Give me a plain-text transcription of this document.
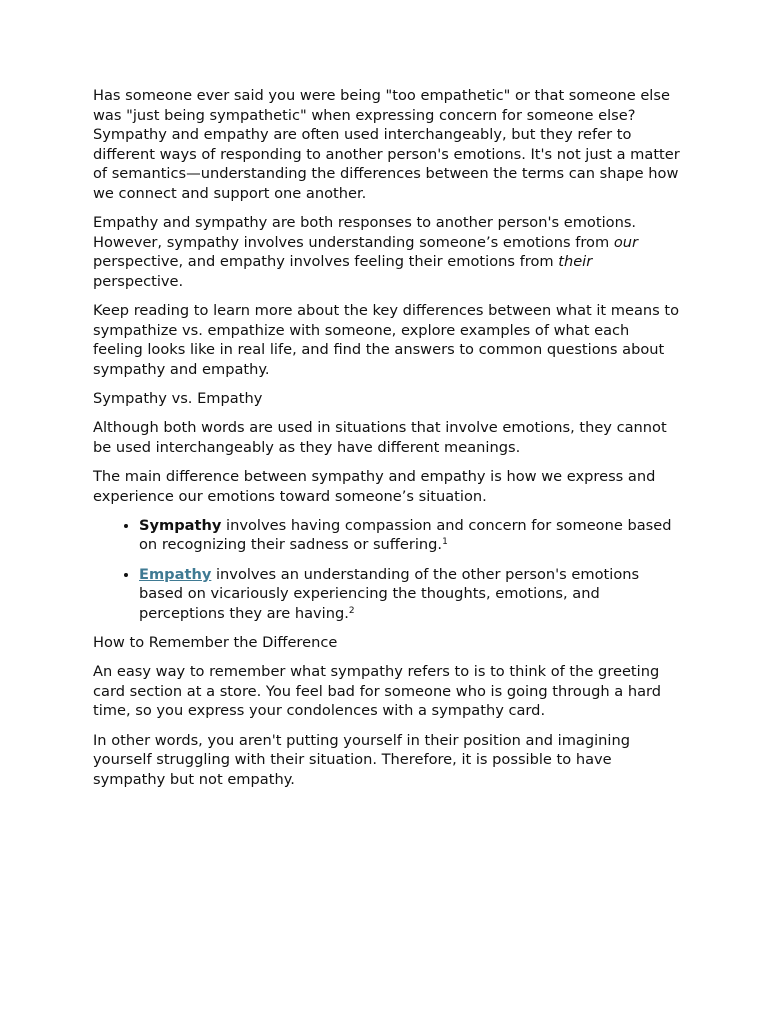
Has someone ever said you were being "too empathetic" or that someone else was "just being sympathetic" when expressing concern for someone else? Sympathy and empathy are often used interchangeably, but they refer to different ways of responding to another person's emotions. It's not just a matter of semantics—understanding the differences between the terms can shape how we connect and support one another.

Empathy and sympathy are both responses to another person's emotions. However, sympathy involves understanding someone’s emotions from our perspective, and empathy involves feeling their emotions from their perspective.

Keep reading to learn more about the key differences between what it means to sympathize vs. empathize with someone, explore examples of what each feeling looks like in real life, and find the answers to common questions about sympathy and empathy.

Sympathy vs. Empathy

Although both words are used in situations that involve emotions, they cannot be used interchangeably as they have different meanings.

The main difference between sympathy and empathy is how we express and experience our emotions toward someone’s situation.

• Sympathy involves having compassion and concern for someone based on recognizing their sadness or suffering.$^1$
• Empathy involves an understanding of the other person's emotions based on vicariously experiencing the thoughts, emotions, and perceptions they are having.$^2$

How to Remember the Difference

An easy way to remember what sympathy refers to is to think of the greeting card section at a store. You feel bad for someone who is going through a hard time, so you express your condolences with a sympathy card.

In other words, you aren't putting yourself in their position and imagining yourself struggling with their situation. Therefore, it is possible to have sympathy but not empathy.
